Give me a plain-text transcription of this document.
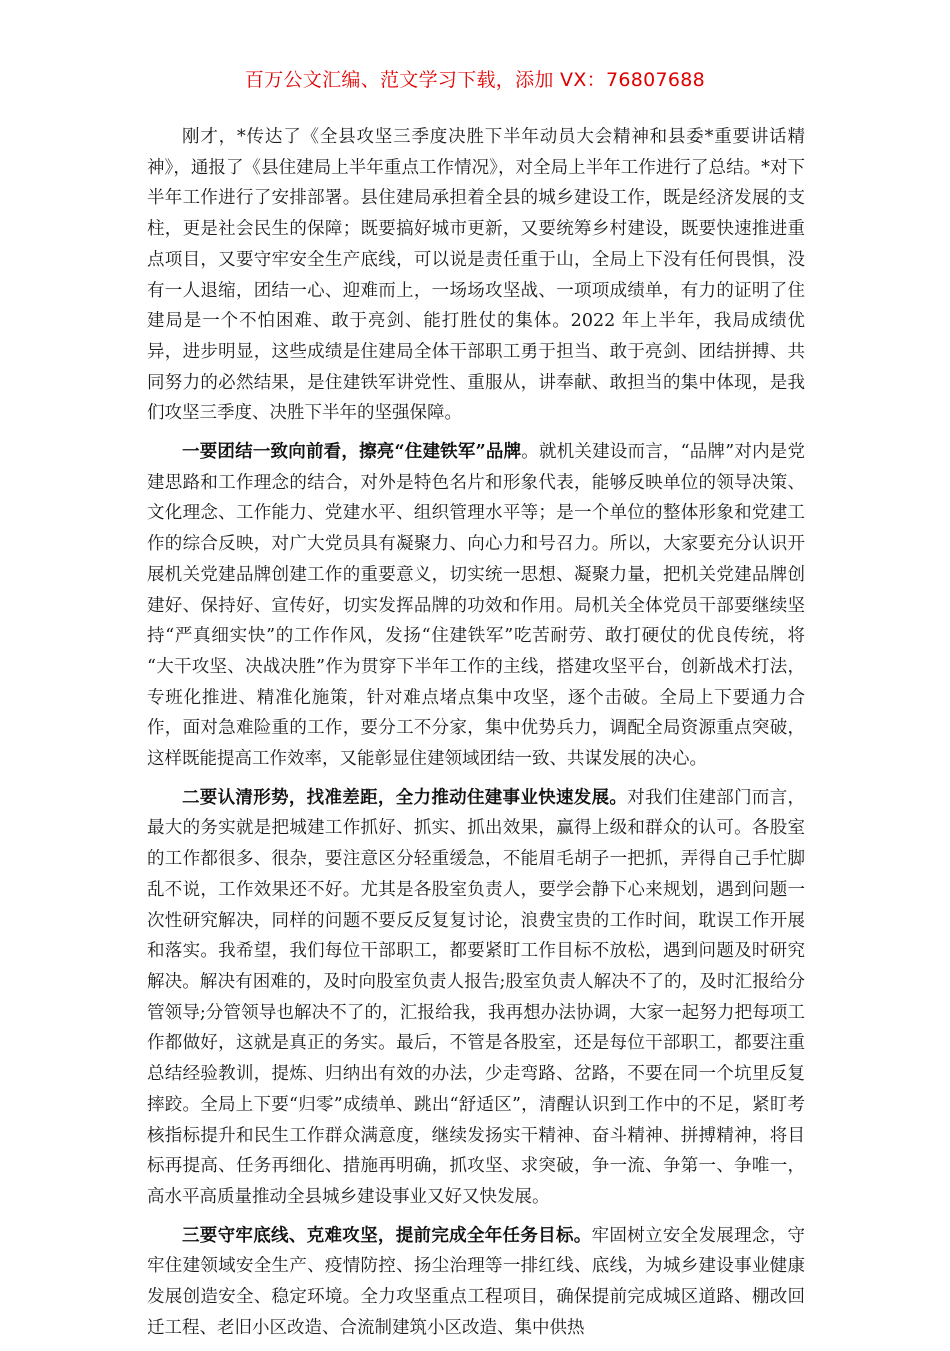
百万公文汇编、范文学习下载，添加 VX：76807688

刚才，*传达了《全县攻坚三季度决胜下半年动员大会精神和县委*重要讲话精神》，通报了《县住建局上半年重点工作情况》，对全局上半年工作进行了总结。*对下半年工作进行了安排部署。县住建局承担着全县的城乡建设工作，既是经济发展的支柱，更是社会民生的保障；既要搞好城市更新，又要统筹乡村建设，既要快速推进重点项目，又要守牢安全生产底线，可以说是责任重于山，全局上下没有任何畏惧，没有一人退缩，团结一心、迎难而上，一场场攻坚战、一项项成绩单，有力的证明了住建局是一个不怕困难、敢于亮剑、能打胜仗的集体。2022 年上半年，我局成绩优异，进步明显，这些成绩是住建局全体干部职工勇于担当、敢于亮剑、团结拼搏、共同努力的必然结果，是住建铁军讲党性、重服从，讲奉献、敢担当的集中体现，是我们攻坚三季度、决胜下半年的坚强保障。

一要团结一致向前看，擦亮“住建铁军”品牌。就机关建设而言，“品牌”对内是党建思路和工作理念的结合，对外是特色名片和形象代表，能够反映单位的领导决策、文化理念、工作能力、党建水平、组织管理水平等；是一个单位的整体形象和党建工作的综合反映，对广大党员具有凝聚力、向心力和号召力。所以，大家要充分认识开展机关党建品牌创建工作的重要意义，切实统一思想、凝聚力量，把机关党建品牌创建好、保持好、宣传好，切实发挥品牌的功效和作用。局机关全体党员干部要继续坚持“严真细实快”的工作作风，发扬“住建铁军”吃苦耐劳、敢打硬仗的优良传统，将 “大干攻坚、决战决胜”作为贯穿下半年工作的主线，搭建攻坚平台，创新战术打法，专班化推进、精准化施策，针对难点堵点集中攻坚，逐个击破。全局上下要通力合作，面对急难险重的工作，要分工不分家，集中优势兵力，调配全局资源重点突破，这样既能提高工作效率，又能彰显住建领域团结一致、共谋发展的决心。

二要认清形势，找准差距，全力推动住建事业快速发展。对我们住建部门而言，最大的务实就是把城建工作抓好、抓实、抓出效果，赢得上级和群众的认可。各股室的工作都很多、很杂，要注意区分轻重缓急，不能眉毛胡子一把抓，弄得自己手忙脚乱不说，工作效果还不好。尤其是各股室负责人，要学会静下心来规划，遇到问题一次性研究解决，同样的问题不要反反复复讨论，浪费宝贵的工作时间，耽误工作开展和落实。我希望，我们每位干部职工，都要紧盯工作目标不放松，遇到问题及时研究解决。解决有困难的，及时向股室负责人报告;股室负责人解决不了的，及时汇报给分管领导;分管领导也解决不了的，汇报给我，我再想办法协调，大家一起努力把每项工作都做好，这就是真正的务实。最后，不管是各股室，还是每位干部职工，都要注重总结经验教训，提炼、归纳出有效的办法，少走弯路、岔路，不要在同一个坑里反复摔跤。全局上下要“归零”成绩单、跳出“舒适区”，清醒认识到工作中的不足，紧盯考核指标提升和民生工作群众满意度，继续发扬实干精神、奋斗精神、拼搏精神，将目标再提高、任务再细化、措施再明确，抓攻坚、求突破，争一流、争第一、争唯一，高水平高质量推动全县城乡建设事业又好又快发展。

三要守牢底线、克难攻坚，提前完成全年任务目标。牢固树立安全发展理念，守牢住建领域安全生产、疫情防控、扬尘治理等一排红线、底线，为城乡建设事业健康发展创造安全、稳定环境。全力攻坚重点工程项目，确保提前完成城区道路、棚改回迁工程、老旧小区改造、合流制建筑小区改造、集中供热
